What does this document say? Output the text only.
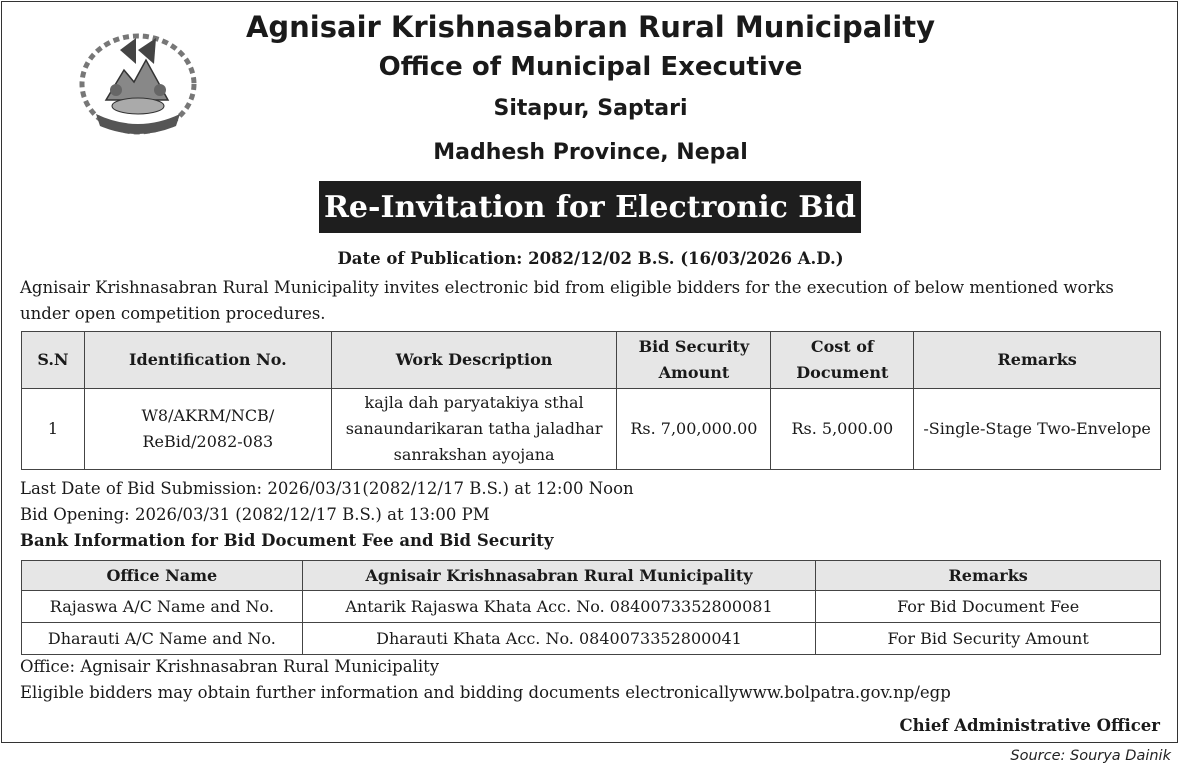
Agnisair Krishnasabran Rural Municipality
Office of Municipal Executive
Sitapur, Saptari
Madhesh Province, Nepal
Re-Invitation for Electronic Bid
Date of Publication: 2082/12/02 B.S. (16/03/2026 A.D.)

Agnisair Krishnasabran Rural Municipality invites electronic bid from eligible bidders for the execution of below mentioned works under open competition procedures.

S.N	Identification No.	Work Description	Bid Security Amount	Cost of Document	Remarks
1	W8/AKRM/NCB/ ReBid/2082-083	kajla dah paryatakiya sthal sanaundarikaran tatha jaladhar sanrakshan ayojana	Rs. 7,00,000.00	Rs. 5,000.00	-Single-Stage Two-Envelope
Last Date of Bid Submission: 2026/03/31(2082/12/17 B.S.) at 12:00 Noon
Bid Opening: 2026/03/31 (2082/12/17 B.S.) at 13:00 PM
Bank Information for Bid Document Fee and Bid Security
Office Name	Agnisair Krishnasabran Rural Municipality	Remarks
Rajaswa A/C Name and No.	Antarik Rajaswa Khata Acc. No. 0840073352800081	For Bid Document Fee
Dharauti A/C Name and No.	Dharauti Khata Acc. No. 0840073352800041	For Bid Security Amount
Office: Agnisair Krishnasabran Rural Municipality
Eligible bidders may obtain further information and bidding documents electronicallywww.bolpatra.gov.np/egp
Chief Administrative Officer
Source: Sourya Dainik
